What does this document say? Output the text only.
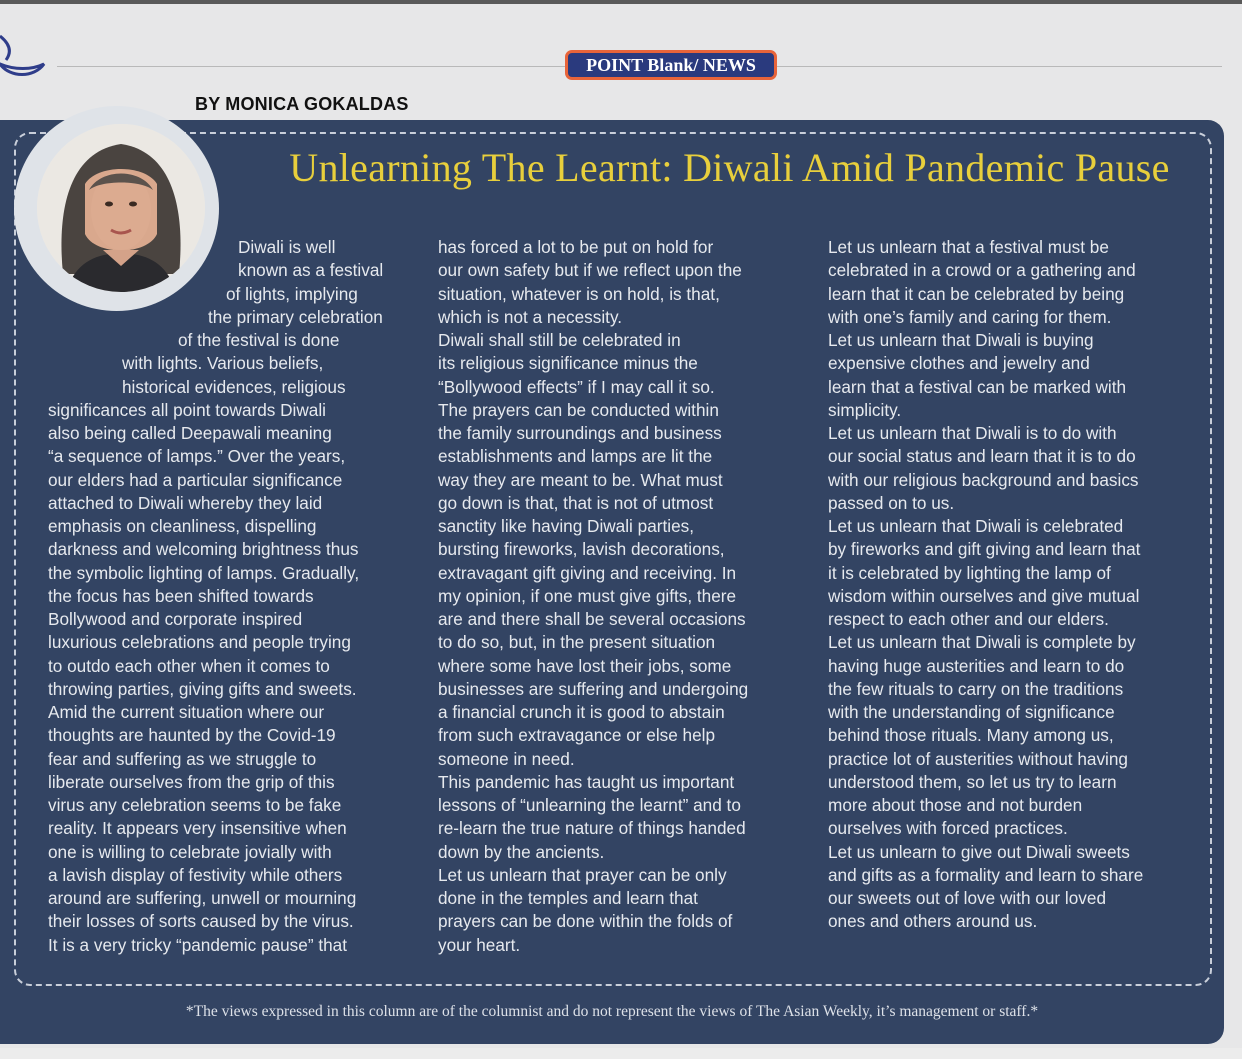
POINT Blank/ NEWS
BY MONICA GOKALDAS
Unlearning The Learnt: Diwali Amid Pandemic Pause

Diwali is well

known as a festival

of lights, implying

the primary celebration

of the festival is done

with lights. Various beliefs,

historical evidences, religious

significances all point towards Diwali

also being called Deepawali meaning

“a sequence of lamps.” Over the years,

our elders had a particular significance

attached to Diwali whereby they laid

emphasis on cleanliness, dispelling

darkness and welcoming brightness thus

the symbolic lighting of lamps. Gradually,

the focus has been shifted towards

Bollywood and corporate inspired

luxurious celebrations and people trying

to outdo each other when it comes to

throwing parties, giving gifts and sweets.

Amid the current situation where our

thoughts are haunted by the Covid-19

fear and suffering as we struggle to

liberate ourselves from the grip of this

virus any celebration seems to be fake

reality. It appears very insensitive when

one is willing to celebrate jovially with

a lavish display of festivity while others

around are suffering, unwell or mourning

their losses of sorts caused by the virus.

It is a very tricky “pandemic pause” that

has forced a lot to be put on hold for

our own safety but if we reflect upon the

situation, whatever is on hold, is that,

which is not a necessity.

Diwali shall still be celebrated in

its religious significance minus the

“Bollywood effects” if I may call it so.

The prayers can be conducted within

the family surroundings and business

establishments and lamps are lit the

way they are meant to be. What must

go down is that, that is not of utmost

sanctity like having Diwali parties,

bursting fireworks, lavish decorations,

extravagant gift giving and receiving. In

my opinion, if one must give gifts, there

are and there shall be several occasions

to do so, but, in the present situation

where some have lost their jobs, some

businesses are suffering and undergoing

a financial crunch it is good to abstain

from such extravagance or else help

someone in need.

This pandemic has taught us important

lessons of “unlearning the learnt” and to

re-learn the true nature of things handed

down by the ancients.

Let us unlearn that prayer can be only

done in the temples and learn that

prayers can be done within the folds of

your heart.

Let us unlearn that a festival must be

celebrated in a crowd or a gathering and

learn that it can be celebrated by being

with one’s family and caring for them.

Let us unlearn that Diwali is buying

expensive clothes and jewelry and

learn that a festival can be marked with

simplicity.

Let us unlearn that Diwali is to do with

our social status and learn that it is to do

with our religious background and basics

passed on to us.

Let us unlearn that Diwali is celebrated

by fireworks and gift giving and learn that

it is celebrated by lighting the lamp of

wisdom within ourselves and give mutual

respect to each other and our elders.

Let us unlearn that Diwali is complete by

having huge austerities and learn to do

the few rituals to carry on the traditions

with the understanding of significance

behind those rituals. Many among us,

practice lot of austerities without having

understood them, so let us try to learn

more about those and not burden

ourselves with forced practices.

Let us unlearn to give out Diwali sweets

and gifts as a formality and learn to share

our sweets out of love with our loved

ones and others around us.

*The views expressed in this column are of the columnist and do not represent the views of The Asian Weekly, it’s management or staff.*
